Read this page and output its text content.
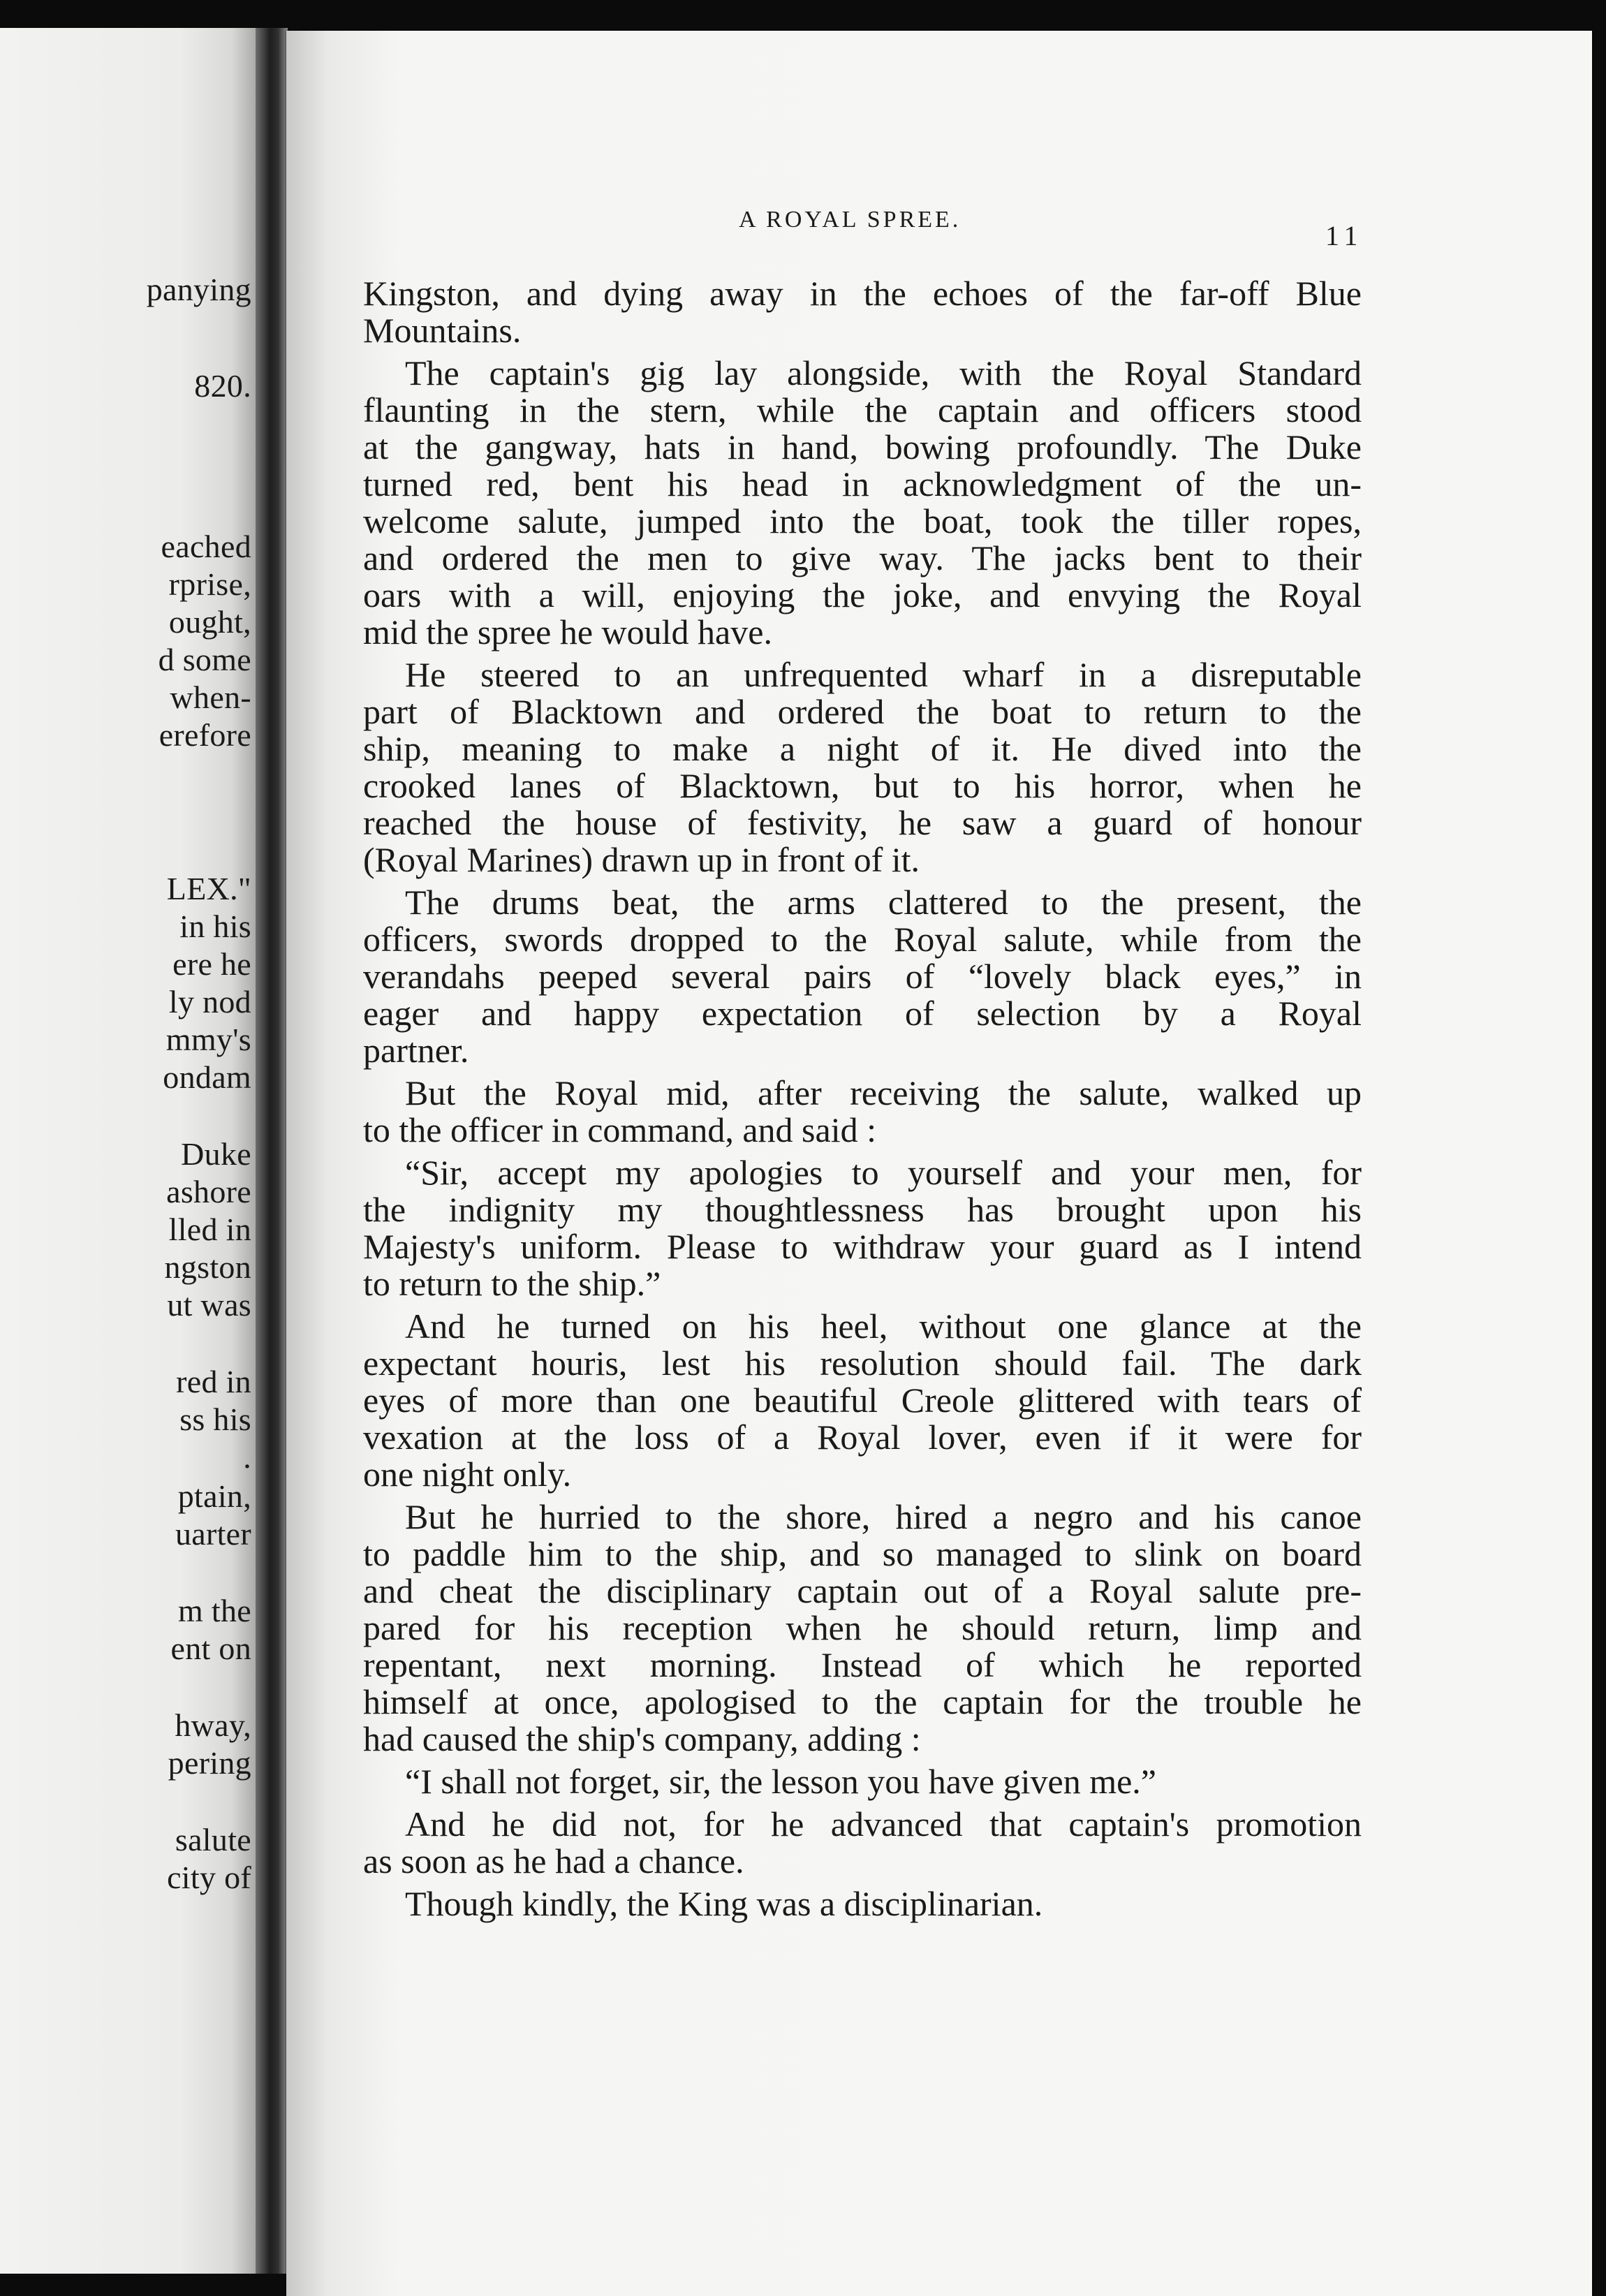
panying
820.
eached
rprise,
ought,
d some
when-
erefore
LEX."
in his
ere he
ly nod
mmy's
ondam
Duke
ashore
lled in
ngston
ut was
red in
ss his
.
ptain,
uarter
m the
ent on
hway,
pering
salute
city of
A ROYAL SPREE.
11
Kingston, and dying away in the echoes of the far-off Blue
Mountains.
The captain's gig lay alongside, with the Royal Standard
flaunting in the stern, while the captain and officers stood
at the gangway, hats in hand, bowing profoundly. The Duke
turned red, bent his head in acknowledgment of the un-
welcome salute, jumped into the boat, took the tiller ropes,
and ordered the men to give way. The jacks bent to their
oars with a will, enjoying the joke, and envying the Royal
mid the spree he would have.
He steered to an unfrequented wharf in a disreputable
part of Blacktown and ordered the boat to return to the
ship, meaning to make a night of it. He dived into the
crooked lanes of Blacktown, but to his horror, when he
reached the house of festivity, he saw a guard of honour
(Royal Marines) drawn up in front of it.
The drums beat, the arms clattered to the present, the
officers, swords dropped to the Royal salute, while from the
verandahs peeped several pairs of “lovely black eyes,” in
eager and happy expectation of selection by a Royal
partner.
But the Royal mid, after receiving the salute, walked up
to the officer in command, and said :
“Sir, accept my apologies to yourself and your men, for
the indignity my thoughtlessness has brought upon his
Majesty's uniform. Please to withdraw your guard as I intend
to return to the ship.”
And he turned on his heel, without one glance at the
expectant houris, lest his resolution should fail. The dark
eyes of more than one beautiful Creole glittered with tears of
vexation at the loss of a Royal lover, even if it were for
one night only.
But he hurried to the shore, hired a negro and his canoe
to paddle him to the ship, and so managed to slink on board
and cheat the disciplinary captain out of a Royal salute pre-
pared for his reception when he should return, limp and
repentant, next morning. Instead of which he reported
himself at once, apologised to the captain for the trouble he
had caused the ship's company, adding :
“I shall not forget, sir, the lesson you have given me.”
And he did not, for he advanced that captain's promotion
as soon as he had a chance.
Though kindly, the King was a disciplinarian.
